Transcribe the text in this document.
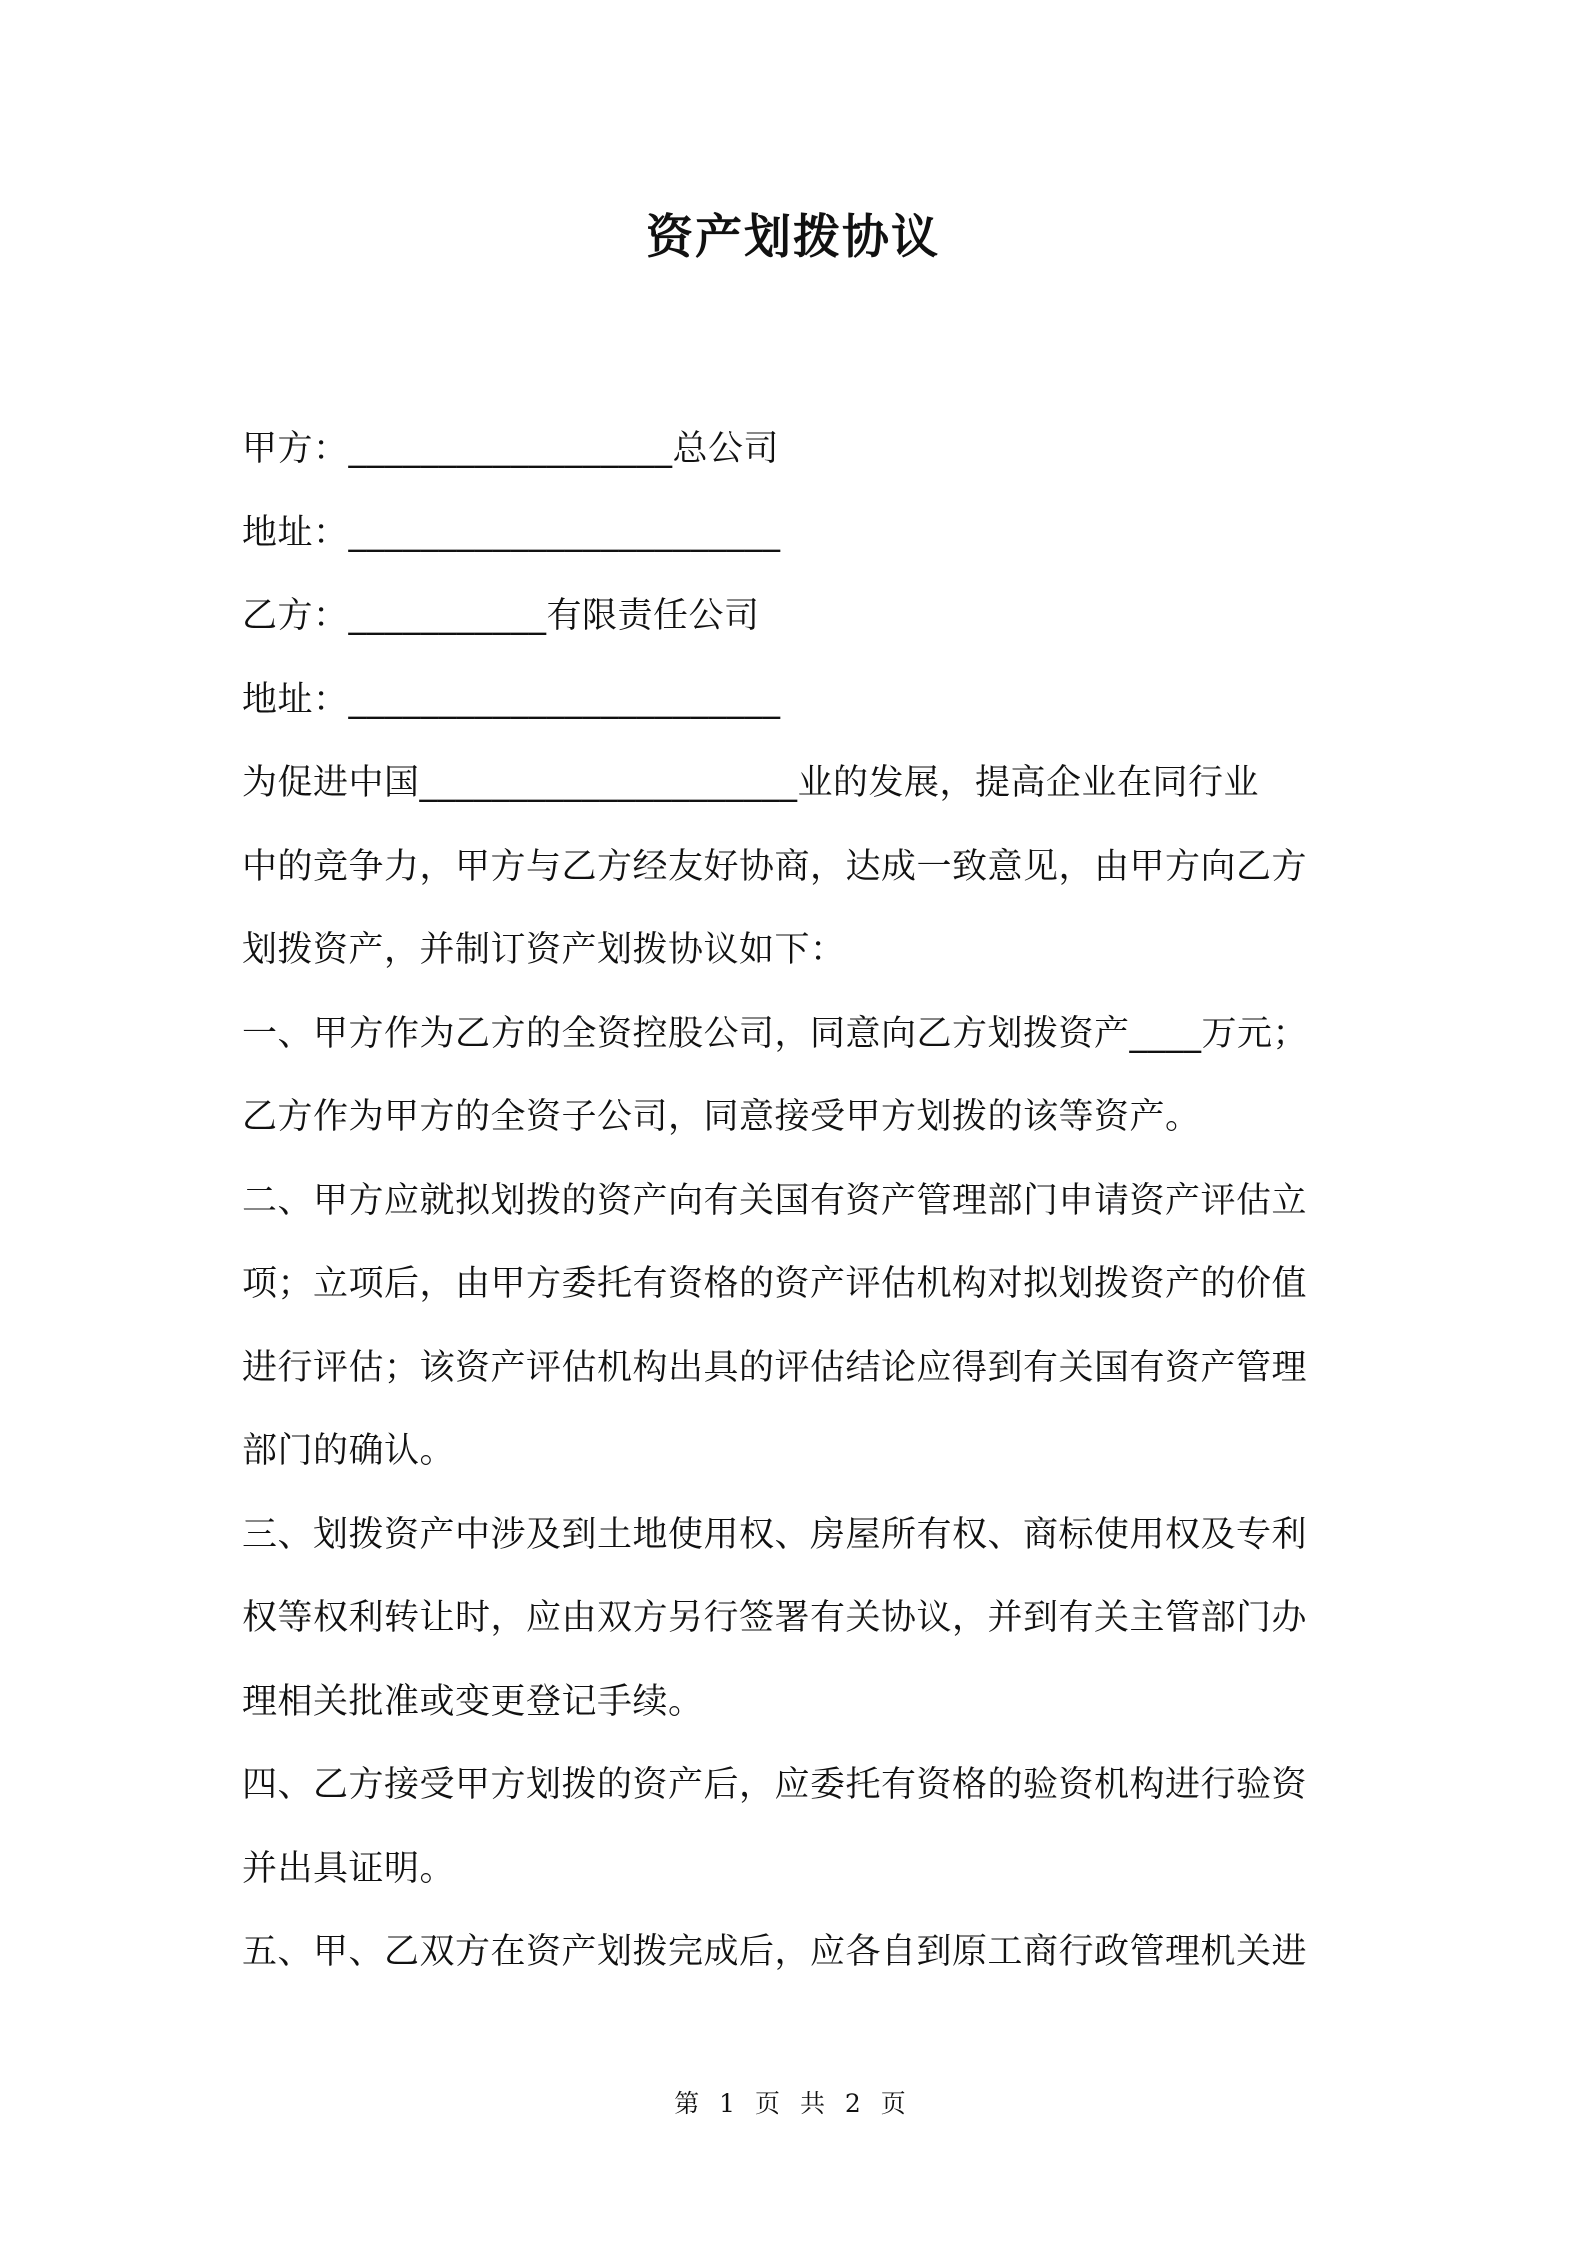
资产划拨协议
甲方：__________________总公司
地址：________________________
乙方：___________有限责任公司
地址：________________________
为促进中国_____________________业的发展，提高企业在同行业
中的竞争力，甲方与乙方经友好协商，达成一致意见，由甲方向乙方
划拨资产，并制订资产划拨协议如下：
一、甲方作为乙方的全资控股公司，同意向乙方划拨资产____万元；
乙方作为甲方的全资子公司，同意接受甲方划拨的该等资产。
二、甲方应就拟划拨的资产向有关国有资产管理部门申请资产评估立
项；立项后，由甲方委托有资格的资产评估机构对拟划拨资产的价值
进行评估；该资产评估机构出具的评估结论应得到有关国有资产管理
部门的确认。
三、划拨资产中涉及到土地使用权、房屋所有权、商标使用权及专利
权等权利转让时，应由双方另行签署有关协议，并到有关主管部门办
理相关批准或变更登记手续。
四、乙方接受甲方划拨的资产后，应委托有资格的验资机构进行验资
并出具证明。
五、甲、乙双方在资产划拨完成后，应各自到原工商行政管理机关进
第 1 页 共 2 页
